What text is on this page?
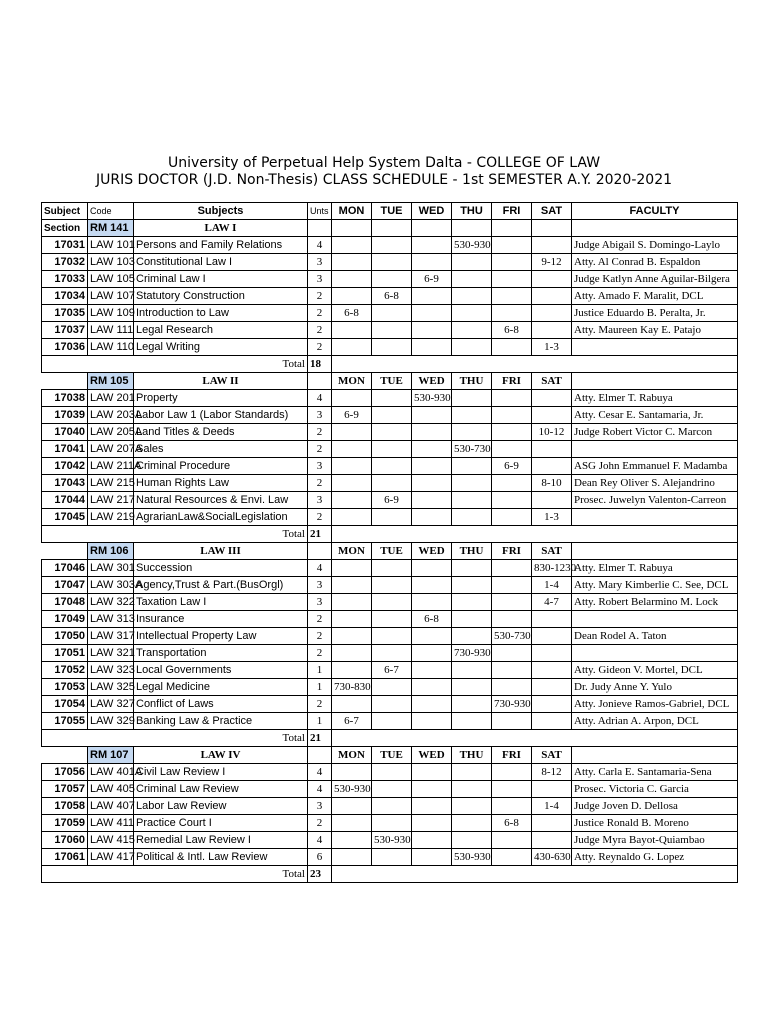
University of Perpetual Help System Dalta - COLLEGE OF LAW
JURIS DOCTOR (J.D. Non-Thesis) CLASS SCHEDULE - 1st SEMESTER A.Y. 2020-2021
Subject	Code	Subjects	Unts	MON	TUE	WED	THU	FRI	SAT	FACULTY
Section	RM 141	LAW I								
17031	LAW 101	Persons and Family Relations	4				530-930			Judge Abigail S. Domingo-Laylo
17032	LAW 103	Constitutional Law I	3						9-12	Atty. Al Conrad B. Espaldon
17033	LAW 105	Criminal Law I	3			6-9				Judge Katlyn Anne Aguilar-Bilgera
17034	LAW 107	Statutory Construction	2		6-8					Atty. Amado F. Maralit, DCL
17035	LAW 109	Introduction to Law	2	6-8						Justice Eduardo B. Peralta, Jr.
17037	LAW 111	Legal Research	2					6-8		Atty. Maureen Kay E. Patajo
17036	LAW 110	Legal Writing	2						1-3	
Total			18							
	RM 105	LAW II		MON	TUE	WED	THU	FRI	SAT	
17038	LAW 201	Property	4			530-930				Atty. Elmer T. Rabuya
17039	LAW 203A	Labor Law 1 (Labor Standards)	3	6-9						Atty. Cesar E. Santamaria, Jr.
17040	LAW 205A	Land Titles & Deeds	2						10-12	Judge Robert Victor C. Marcon
17041	LAW 207A	Sales	2				530-730			
17042	LAW 211A	Criminal Procedure	3					6-9		ASG John Emmanuel F. Madamba
17043	LAW 215	Human Rights Law	2						8-10	Dean Rey Oliver S. Alejandrino
17044	LAW 217	Natural Resources & Envi. Law	3		6-9					Prosec. Juwelyn Valenton-Carreon
17045	LAW 219	AgrarianLaw&SocialLegislation	2						1-3	
Total			21							
	RM 106	LAW III		MON	TUE	WED	THU	FRI	SAT	
17046	LAW 301	Succession	4						830-1230	Atty. Elmer T. Rabuya
17047	LAW 303A	Agency,Trust & Part.(BusOrgl)	3						1-4	Atty. Mary Kimberlie C. See, DCL
17048	LAW 322	Taxation Law I	3						4-7	Atty. Robert Belarmino M. Lock
17049	LAW 313	Insurance	2			6-8				
17050	LAW 317	Intellectual Property Law	2					530-730		Dean Rodel A. Taton
17051	LAW 321	Transportation	2				730-930			
17052	LAW 323	Local Governments	1		6-7					Atty. Gideon V. Mortel, DCL
17053	LAW 325	Legal Medicine	1	730-830						Dr. Judy Anne Y. Yulo
17054	LAW 327	Conflict of Laws	2					730-930		Atty. Jonieve Ramos-Gabriel, DCL
17055	LAW 329	Banking Law & Practice	1	6-7						Atty. Adrian A. Arpon, DCL
Total			21							
	RM 107	LAW IV		MON	TUE	WED	THU	FRI	SAT	
17056	LAW 401A	Civil Law Review I	4						8-12	Atty. Carla E. Santamaria-Sena
17057	LAW 405	Criminal Law Review	4	530-930						Prosec. Victoria C. Garcia
17058	LAW 407	Labor Law Review	3						1-4	Judge Joven D. Dellosa
17059	LAW 411	Practice Court I	2					6-8		Justice Ronald B. Moreno
17060	LAW 415	Remedial Law Review I	4		530-930					Judge Myra Bayot-Quiambao
17061	LAW 417	Political & Intl. Law Review	6				530-930		430-630	Atty. Reynaldo G. Lopez
Total			23							
